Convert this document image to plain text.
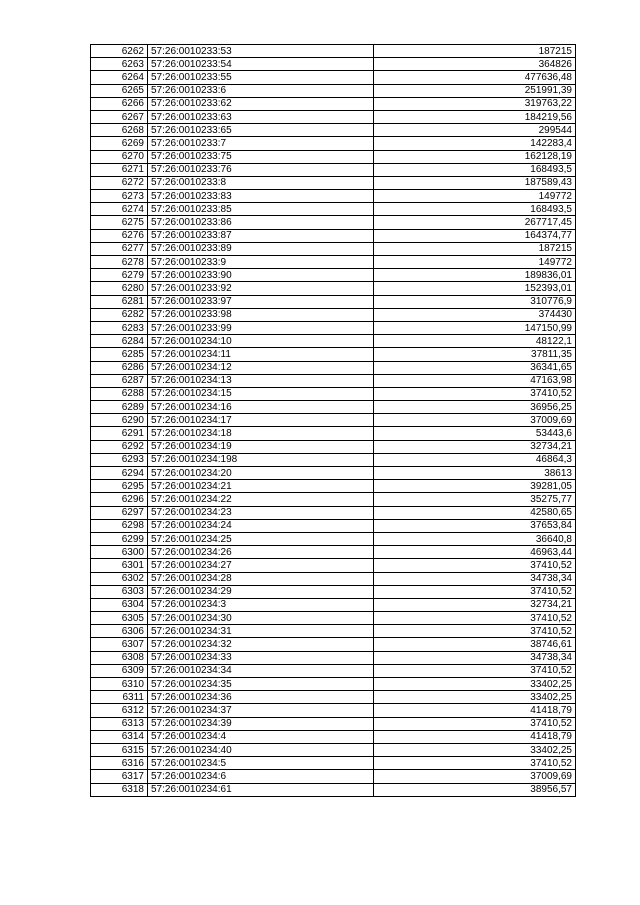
6262	57:26:0010233:53	187215
6263	57:26:0010233:54	364826
6264	57:26:0010233:55	477636,48
6265	57:26:0010233:6	251991,39
6266	57:26:0010233:62	319763,22
6267	57:26:0010233:63	184219,56
6268	57:26:0010233:65	299544
6269	57:26:0010233:7	142283,4
6270	57:26:0010233:75	162128,19
6271	57:26:0010233:76	168493,5
6272	57:26:0010233:8	187589,43
6273	57:26:0010233:83	149772
6274	57:26:0010233:85	168493,5
6275	57:26:0010233:86	267717,45
6276	57:26:0010233:87	164374,77
6277	57:26:0010233:89	187215
6278	57:26:0010233:9	149772
6279	57:26:0010233:90	189836,01
6280	57:26:0010233:92	152393,01
6281	57:26:0010233:97	310776,9
6282	57:26:0010233:98	374430
6283	57:26:0010233:99	147150,99
6284	57:26:0010234:10	48122,1
6285	57:26:0010234:11	37811,35
6286	57:26:0010234:12	36341,65
6287	57:26:0010234:13	47163,98
6288	57:26:0010234:15	37410,52
6289	57:26:0010234:16	36956,25
6290	57:26:0010234:17	37009,69
6291	57:26:0010234:18	53443,6
6292	57:26:0010234:19	32734,21
6293	57:26:0010234:198	46864,3
6294	57:26:0010234:20	38613
6295	57:26:0010234:21	39281,05
6296	57:26:0010234:22	35275,77
6297	57:26:0010234:23	42580,65
6298	57:26:0010234:24	37653,84
6299	57:26:0010234:25	36640,8
6300	57:26:0010234:26	46963,44
6301	57:26:0010234:27	37410,52
6302	57:26:0010234:28	34738,34
6303	57:26:0010234:29	37410,52
6304	57:26:0010234:3	32734,21
6305	57:26:0010234:30	37410,52
6306	57:26:0010234:31	37410,52
6307	57:26:0010234:32	38746,61
6308	57:26:0010234:33	34738,34
6309	57:26:0010234:34	37410,52
6310	57:26:0010234:35	33402,25
6311	57:26:0010234:36	33402,25
6312	57:26:0010234:37	41418,79
6313	57:26:0010234:39	37410,52
6314	57:26:0010234:4	41418,79
6315	57:26:0010234:40	33402,25
6316	57:26:0010234:5	37410,52
6317	57:26:0010234:6	37009,69
6318	57:26:0010234:61	38956,57
